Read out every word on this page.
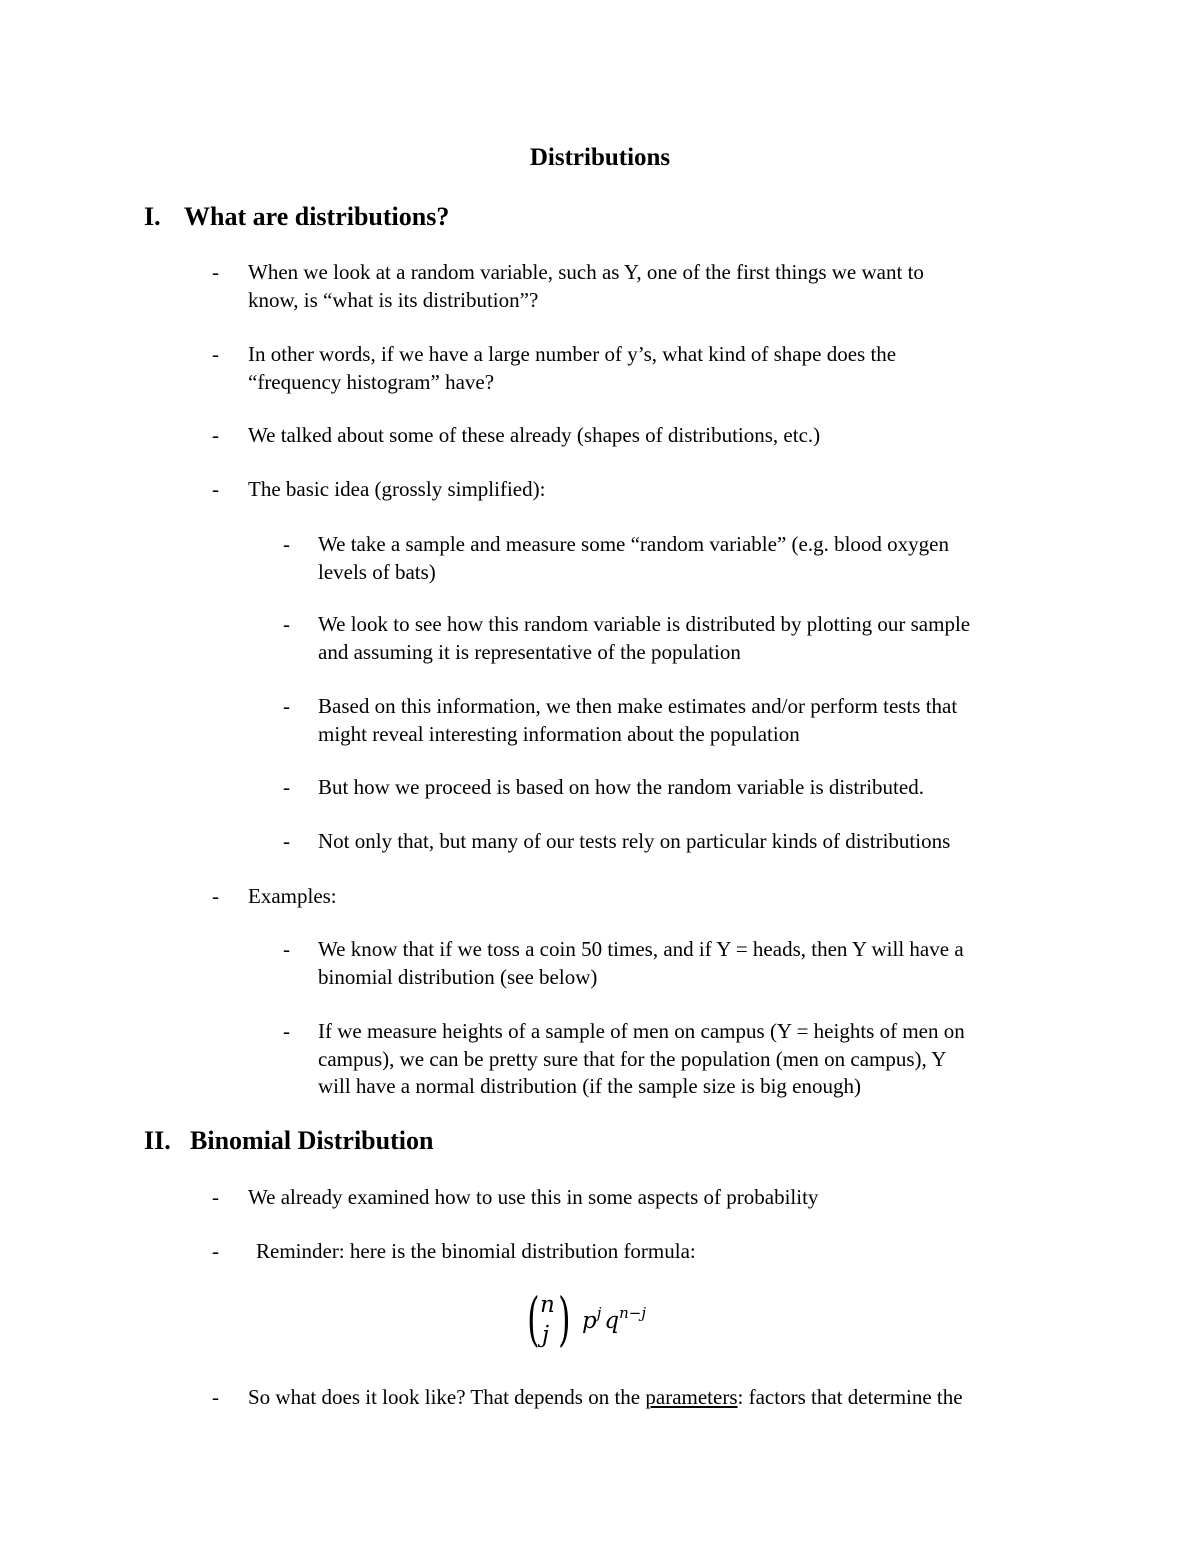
Distributions
I. What are distributions?
- When we look at a random variable, such as Y, one of the first things we want to
know, is “what is its distribution”?
- In other words, if we have a large number of y’s, what kind of shape does the
“frequency histogram” have?
- We talked about some of these already (shapes of distributions, etc.)
- The basic idea (grossly simplified):
- We take a sample and measure some “random variable” (e.g. blood oxygen
levels of bats)
- We look to see how this random variable is distributed by plotting our sample
and assuming it is representative of the population
- Based on this information, we then make estimates and/or perform tests that
might reveal interesting information about the population
- But how we proceed is based on how the random variable is distributed.
- Not only that, but many of our tests rely on particular kinds of distributions
- Examples:
- We know that if we toss a coin 50 times, and if Y = heads, then Y will have a
binomial distribution (see below)
- If we measure heights of a sample of men on campus (Y = heights of men on
campus), we can be pretty sure that for the population (men on campus), Y
will have a normal distribution (if the sample size is big enough)
II. Binomial Distribution
- We already examined how to use this in some aspects of probability
- Reminder: here is the binomial distribution formula:
( n
j ) $p^j$ $q^{n-j}$
- So what does it look like? That depends on the parameters: factors that determine the
